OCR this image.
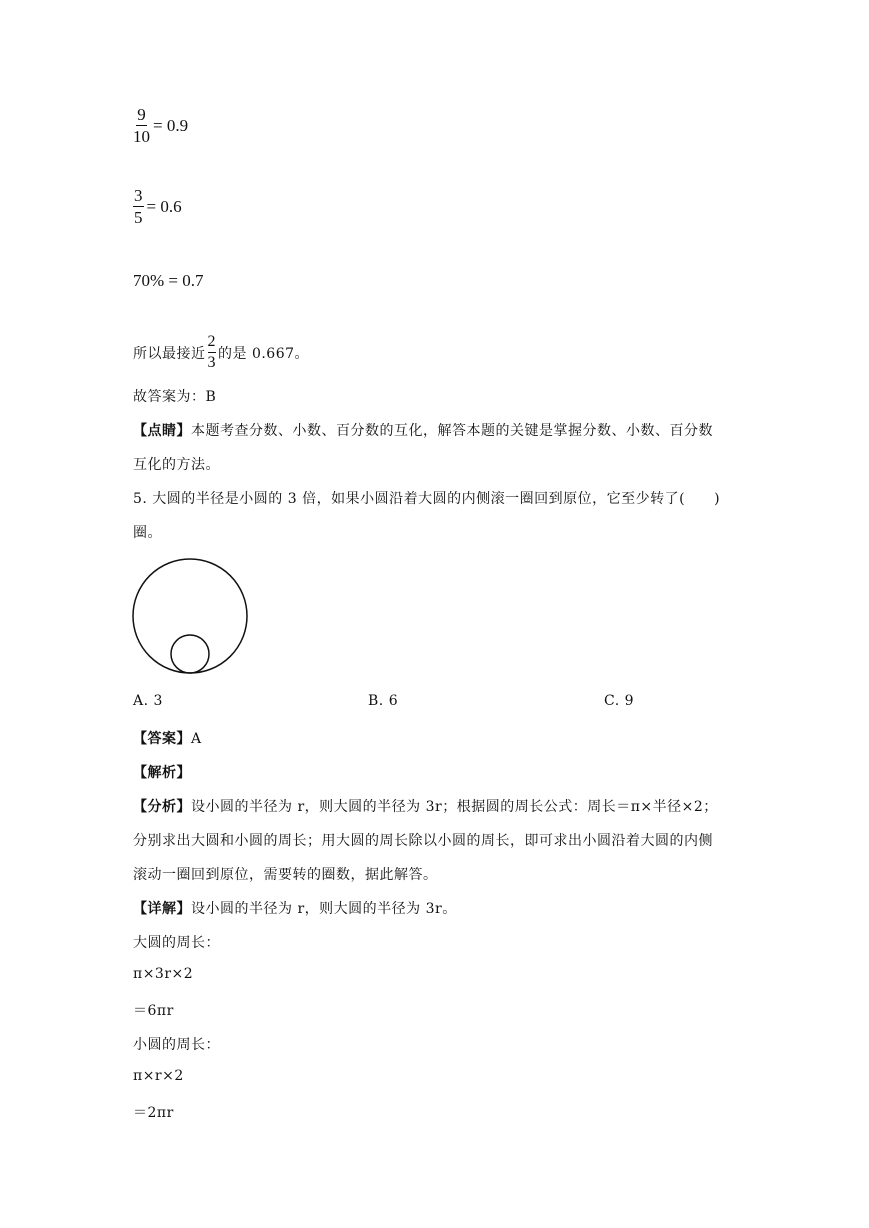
$\frac{9}{10} = 0.9$
$\frac{3}{5} = 0.6$
70% = 0.7
所以最接近 $\frac{2}{3}$ 的是 0.667。
故答案为：B
【点睛】本题考查分数、小数、百分数的互化，解答本题的关键是掌握分数、小数、百分数
互化的方法。
5. 大圆的半径是小圆的 3 倍，如果小圆沿着大圆的内侧滚一圈回到原位，它至少转了(　　)
圈。
A. 3	B. 6	C. 9
【答案】A
【解析】
【分析】设小圆的半径为 r，则大圆的半径为 3r；根据圆的周长公式：周长＝π×半径×2；
分别求出大圆和小圆的周长；用大圆的周长除以小圆的周长，即可求出小圆沿着大圆的内侧
滚动一圈回到原位，需要转的圈数，据此解答。
【详解】设小圆的半径为 r，则大圆的半径为 3r。
大圆的周长：
π×3r×2
＝6πr
小圆的周长：
π×r×2
＝2πr
